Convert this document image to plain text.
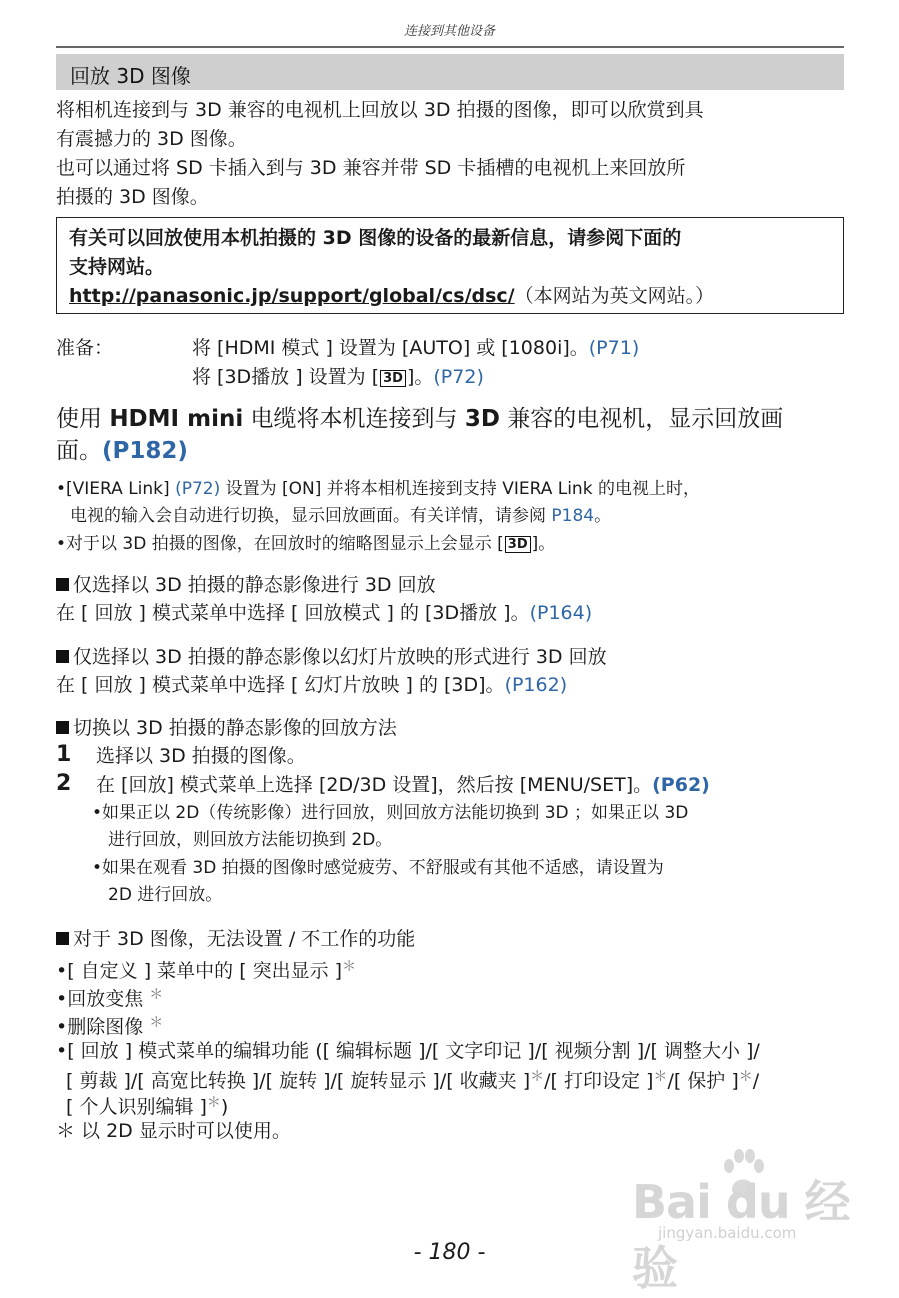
连接到其他设备
回放 3D 图像
将相机连接到与 3D 兼容的电视机上回放以 3D 拍摄的图像，即可以欣赏到具
有震撼力的 3D 图像。
也可以通过将 SD 卡插入到与 3D 兼容并带 SD 卡插槽的电视机上来回放所
拍摄的 3D 图像。
有关可以回放使用本机拍摄的 3D 图像的设备的最新信息，请参阅下面的
支持网站。
http://panasonic.jp/support/global/cs/dsc/（本网站为英文网站。）
准备：	将 [HDMI 模式 ] 设置为 [AUTO] 或 [1080i]。(P71)
将 [3D播放 ] 设置为 [ 3D ]。(P72)
使用 HDMI mini 电缆将本机连接到与 3D 兼容的电视机，显示回放画
面。(P182)
•[VIERA Link] (P72) 设置为 [ON] 并将本相机连接到支持 VIERA Link 的电视上时，
电视的输入会自动进行切换，显示回放画面。有关详情，请参阅 P184。
•对于以 3D 拍摄的图像，在回放时的缩略图显示上会显示 [ 3D ]。
仅选择以 3D 拍摄的静态影像进行 3D 回放
在 [ 回放 ] 模式菜单中选择 [ 回放模式 ] 的 [3D播放 ]。(P164)
仅选择以 3D 拍摄的静态影像以幻灯片放映的形式进行 3D 回放
在 [ 回放 ] 模式菜单中选择 [ 幻灯片放映 ] 的 [3D]。(P162)
切换以 3D 拍摄的静态影像的回放方法
1 选择以 3D 拍摄的图像。
2 在 [回放] 模式菜单上选择 [2D/3D 设置]，然后按 [MENU/SET]。(P62)
•如果正以 2D（传统影像）进行回放，则回放方法能切换到 3D ；如果正以 3D
进行回放，则回放方法能切换到 2D。
•如果在观看 3D 拍摄的图像时感觉疲劳、不舒服或有其他不适感，请设置为
2D 进行回放。
对于 3D 图像，无法设置 / 不工作的功能
•[ 自定义 ] 菜单中的 [ 突出显示 ]＊
•回放变焦 ＊
•删除图像 ＊
•[ 回放 ] 模式菜单的编辑功能 ([ 编辑标题 ]/[ 文字印记 ]/[ 视频分割 ]/[ 调整大小 ]/
[ 剪裁 ]/[ 高宽比转换 ]/[ 旋转 ]/[ 旋转显示 ]/[ 收藏夹 ]＊/[ 打印设定 ]＊/[ 保护 ]＊/
[ 个人识别编辑 ]＊)
＊ 以 2D 显示时可以使用。
Bai du 经验
jingyan.baidu.com
- 180 -
